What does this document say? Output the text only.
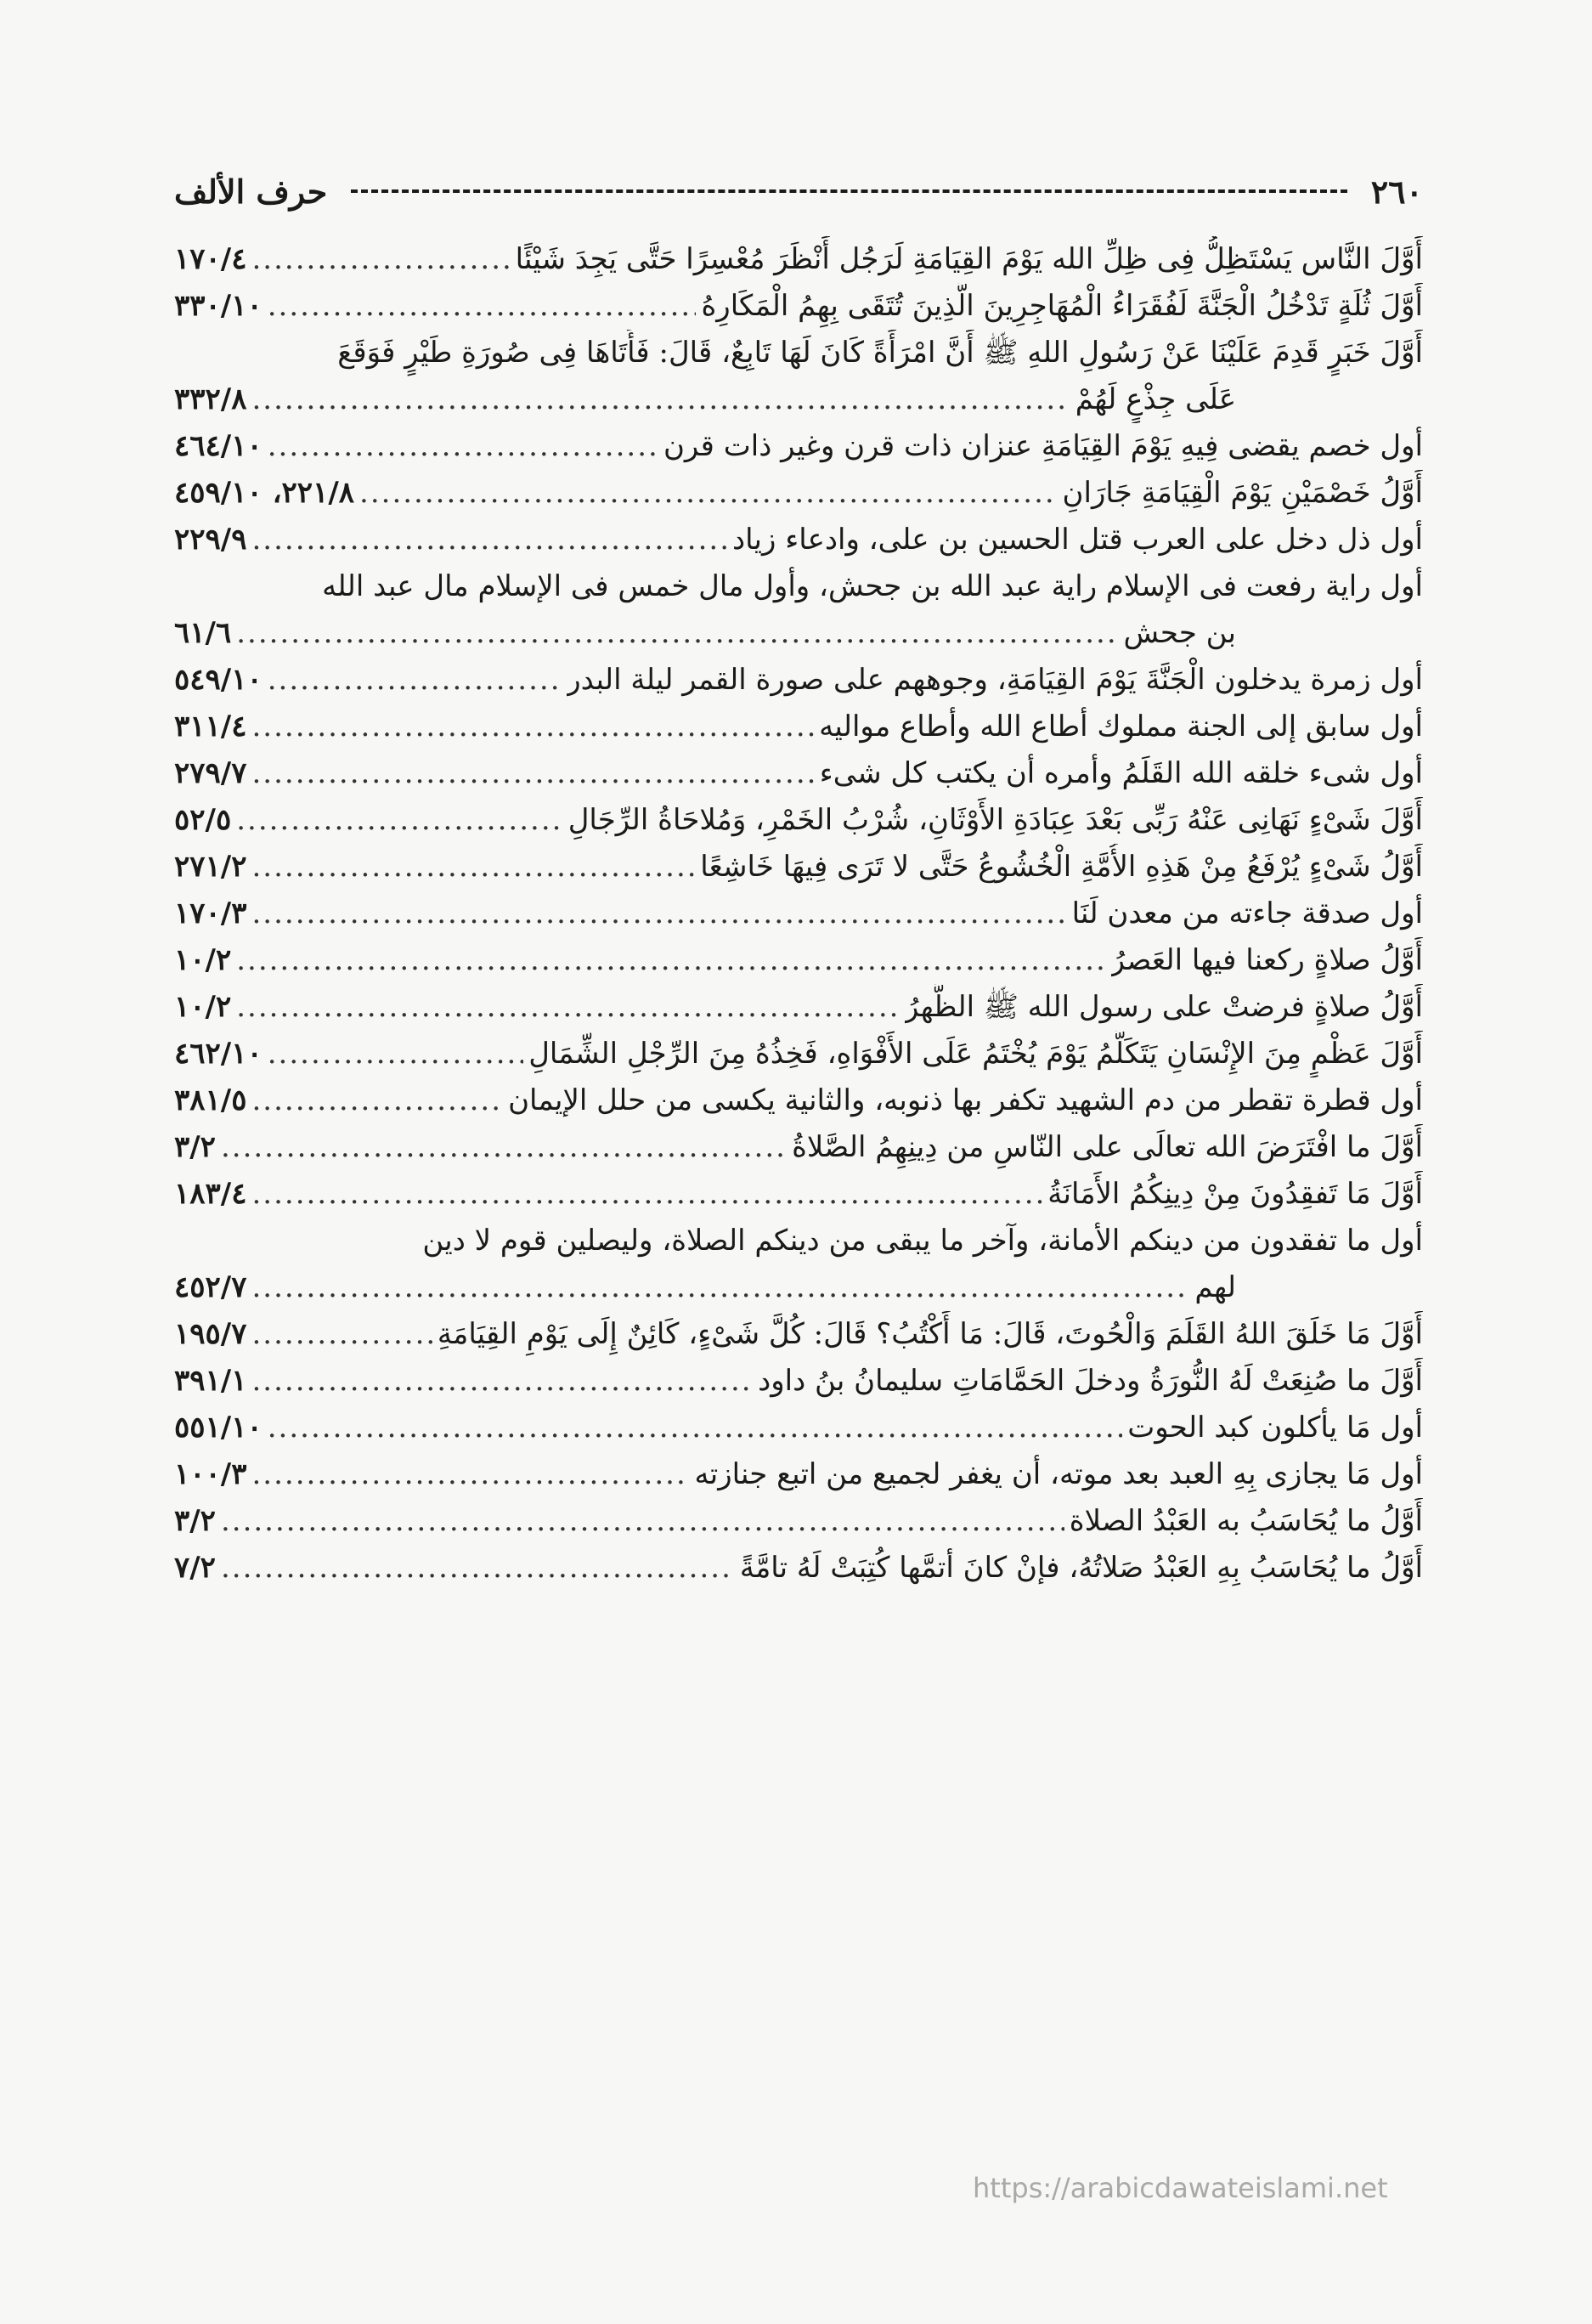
٢٦٠
حرف الألف
أَوَّلَ النَّاس يَسْتَظِلُّ فِى ظِلِّ الله يَوْمَ القِيَامَةِ لَرَجُل أَنْظَرَ مُعْسِرًا حَتَّى يَجِدَ شَيْئًا
.....
١٧٠/٤
أَوَّلَ ثُلَةٍ تَدْخُلُ الْجَنَّةَ لَفُقَرَاءُ الْمُهَاجِرِينَ الَّذِينَ تُتَقَى بِهِمُ الْمَكَارِهُ
.....
٣٣٠/١٠
أَوَّلَ خَبَرٍ قَدِمَ عَلَيْنَا عَنْ رَسُولِ اللهِ ﷺ أَنَّ امْرَأَةً كَانَ لَهَا تَابِعٌ، قَالَ: فَأَتَاهَا فِى صُورَةِ طَيْرٍ فَوَقَعَ
عَلَى جِذْعٍ لَهُمْ
.....
٣٣٢/٨
أول خصم يقضى فِيهِ يَوْمَ القِيَامَةِ عنزان ذات قرن وغير ذات قرن
.....
٤٦٤/١٠
أَوَّلُ خَصْمَيْنِ يَوْمَ الْقِيَامَةِ جَارَانِ
.....
٢٢١/٨، ٤٥٩/١٠
أول ذل دخل على العرب قتل الحسين بن على، وادعاء زياد
.....
٢٢٩/٩
أول راية رفعت فى الإسلام راية عبد الله بن جحش، وأول مال خمس فى الإسلام مال عبد الله
بن جحش
.....
٦١/٦
أول زمرة يدخلون الْجَنَّةَ يَوْمَ القِيَامَةِ، وجوههم على صورة القمر ليلة البدر
.....
٥٤٩/١٠
أول سابق إلى الجنة مملوك أطاع الله وأطاع مواليه
.....
٣١١/٤
أول شىء خلقه الله القَلَمُ وأمره أن يكتب كل شىء
.....
٢٧٩/٧
أَوَّلَ شَىْءٍ نَهَانِى عَنْهُ رَبِّى بَعْدَ عِبَادَةِ الأَوْثَانِ، شُرْبُ الخَمْرِ، وَمُلاحَاةُ الرِّجَالِ
.....
٥٢/٥
أَوَّلُ شَىْءٍ يُرْفَعُ مِنْ هَذِهِ الأُمَّةِ الْخُشُوعُ حَتَّى لا تَرَى فِيهَا خَاشِعًا
.....
٢٧١/٢
أول صدقة جاءته من معدن لَنَا
.....
١٧٠/٣
أَوَّلُ صلاةٍ ركعنا فيها العَصرُ
.....
١٠/٢
أَوَّلُ صلاةٍ فرضتْ على رسول الله ﷺ الظُّهرُ
.....
١٠/٢
أَوَّلَ عَظْمٍ مِنَ الإِنْسَانِ يَتَكَلَّمُ يَوْمَ يُخْتَمُ عَلَى الأَفْوَاهِ، فَخِذُهُ مِنَ الرِّجْلِ الشِّمَالِ
.....
٤٦٢/١٠
أول قطرة تقطر من دم الشهيد تكفر بها ذنوبه، والثانية يكسى من حلل الإيمان
.....
٣٨١/٥
أَوَّلَ ما افْتَرَضَ الله تعالَى على النّاسِ من دِينِهِمُ الصَّلاةُ
.....
٣/٢
أَوَّلَ مَا تَفقِدُونَ مِنْ دِينِكُمُ الأَمَانَةُ
.....
١٨٣/٤
أول ما تفقدون من دينكم الأمانة، وآخر ما يبقى من دينكم الصلاة، وليصلين قوم لا دين
لهم
.....
٤٥٢/٧
أَوَّلَ مَا خَلَقَ اللهُ القَلَمَ وَالْحُوتَ، قَالَ: مَا أَكْتُبُ؟ قَالَ: كُلَّ شَىْءٍ، كَائِنٌ إِلَى يَوْمِ القِيَامَةِ
.....
١٩٥/٧
أَوَّلَ ما صُنِعَتْ لَهُ النُّورَةُ ودخلَ الحَمَّامَاتِ سليمانُ بنُ داود
.....
٣٩١/١
أول مَا يأكلون كبد الحوت
.....
٥٥١/١٠
أول مَا يجازى بِهِ العبد بعد موته، أن يغفر لجميع من اتبع جنازته
.....
١٠٠/٣
أَوَّلُ ما يُحَاسَبُ به العَبْدُ الصلاة
.....
٣/٢
أَوَّلُ ما يُحَاسَبُ بِهِ العَبْدُ صَلاتُهُ، فإنْ كانَ أتمَّها كُتِبَتْ لَهُ تامَّةً
.....
٧/٢
https://arabicdawateislami.net
